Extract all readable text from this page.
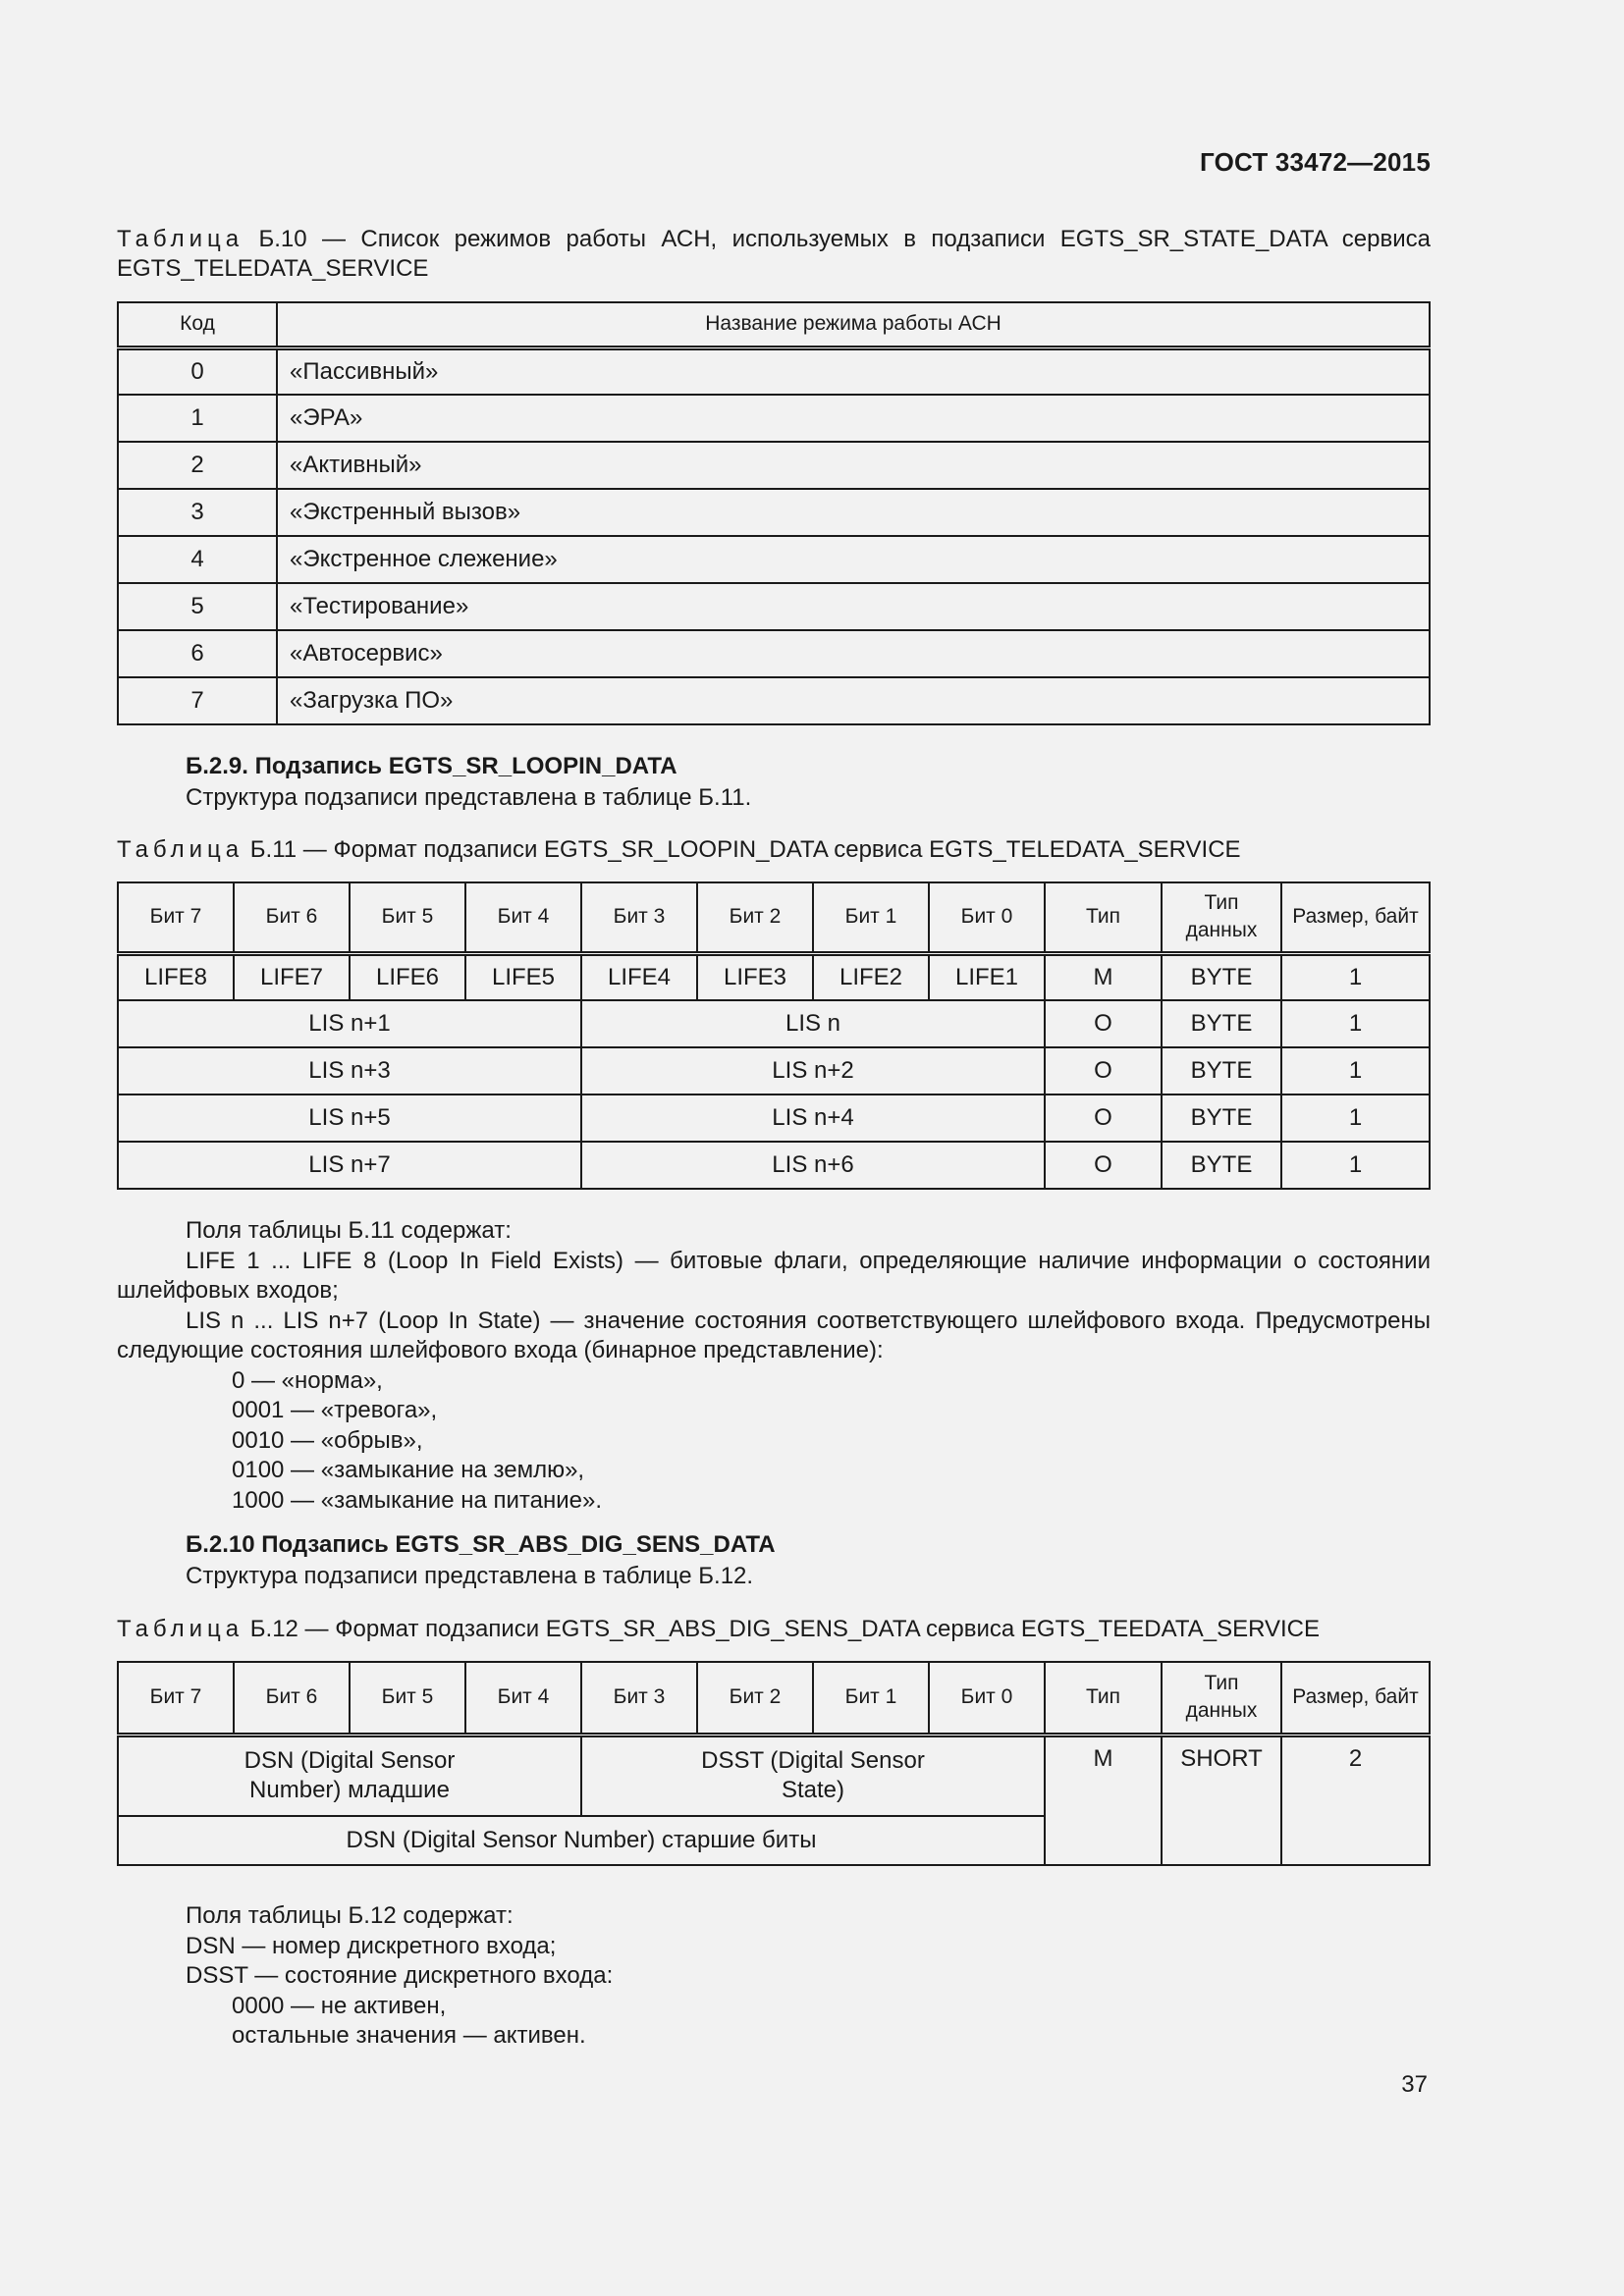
ГОСТ 33472—2015
Таблица Б.10 — Список режимов работы АСН, используемых в подзаписи EGTS_SR_STATE_DATA сервиса EGTS_TELEDATA_SERVICE
Код	Название режима работы АСН
0	«Пассивный»
1	«ЭРА»
2	«Активный»
3	«Экстренный вызов»
4	«Экстренное слежение»
5	«Тестирование»
6	«Автосервис»
7	«Загрузка ПО»
Б.2.9. Подзапись EGTS_SR_LOOPIN_DATA
Структура подзаписи представлена в таблице Б.11.
Таблица Б.11 — Формат подзаписи EGTS_SR_LOOPIN_DATA сервиса EGTS_TELEDATA_SERVICE
Бит 7	Бит 6	Бит 5	Бит 4	Бит 3	Бит 2	Бит 1	Бит 0	Тип	Тип данных	Размер, байт
LIFE8	LIFE7	LIFE6	LIFE5	LIFE4	LIFE3	LIFE2	LIFE1	M	BYTE	1
LIS n+1				LIS n				O	BYTE	1
LIS n+3				LIS n+2				O	BYTE	1
LIS n+5				LIS n+4				O	BYTE	1
LIS n+7				LIS n+6				O	BYTE	1

Поля таблицы Б.11 содержат:

LIFE 1 ... LIFE 8 (Loop In Field Exists) — битовые флаги, определяющие наличие информации о состоянии шлейфовых входов;

LIS n ... LIS n+7 (Loop In State) — значение состояния соответствующего шлейфового входа. Предусмотрены следующие состояния шлейфового входа (бинарное представление):

0 — «норма»,

0001 — «тревога»,

0010 — «обрыв»,

0100 — «замыкание на землю»,

1000 — «замыкание на питание».

Б.2.10 Подзапись EGTS_SR_ABS_DIG_SENS_DATA
Структура подзаписи представлена в таблице Б.12.
Таблица Б.12 — Формат подзаписи EGTS_SR_ABS_DIG_SENS_DATA сервиса EGTS_TEEDATA_SERVICE
Бит 7	Бит 6	Бит 5	Бит 4	Бит 3	Бит 2	Бит 1	Бит 0	Тип	Тип данных	Размер, байт
DSN (Digital Sensor Number) младшие				DSST (Digital Sensor State)				M	SHORT	2
DSN (Digital Sensor Number) старшие биты										

Поля таблицы Б.12 содержат:

DSN — номер дискретного входа;

DSST — состояние дискретного входа:

0000 — не активен,

остальные значения — активен.

37
